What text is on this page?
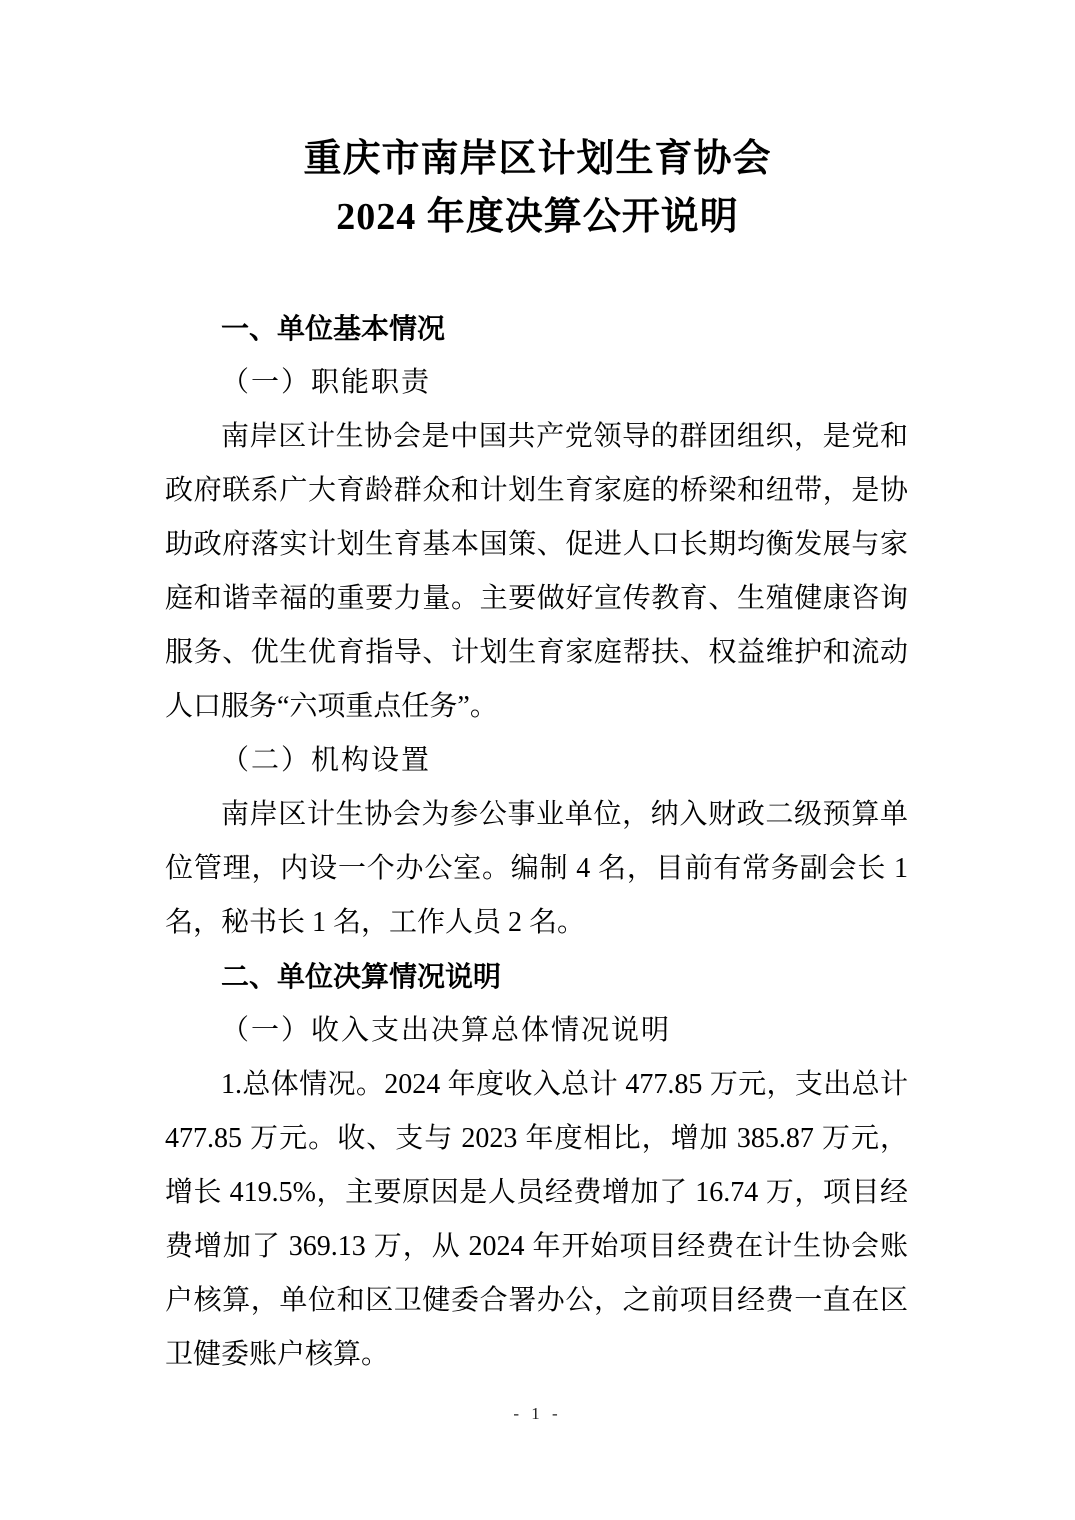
重庆市南岸区计划生育协会
2024 年度决算公开说明
一、单位基本情况
（一）职能职责

南岸区计生协会是中国共产党领导的群团组织，是党和政府联系广大育龄群众和计划生育家庭的桥梁和纽带，是协助政府落实计划生育基本国策、促进人口长期均衡发展与家庭和谐幸福的重要力量。主要做好宣传教育、生殖健康咨询服务、优生优育指导、计划生育家庭帮扶、权益维护和流动人口服务“六项重点任务”。

（二）机构设置

南岸区计生协会为参公事业单位，纳入财政二级预算单位管理，内设一个办公室。编制 4 名，目前有常务副会长 1 名，秘书长 1 名，工作人员 2 名。

二、单位决算情况说明
（一）收入支出决算总体情况说明

1.总体情况。2024 年度收入总计 477.85 万元，支出总计 477.85 万元。收、支与 2023 年度相比，增加 385.87 万元，增长 419.5%，主要原因是人员经费增加了 16.74 万，项目经费增加了 369.13 万，从 2024 年开始项目经费在计生协会账户核算，单位和区卫健委合署办公，之前项目经费一直在区卫健委账户核算。

- 1 -
